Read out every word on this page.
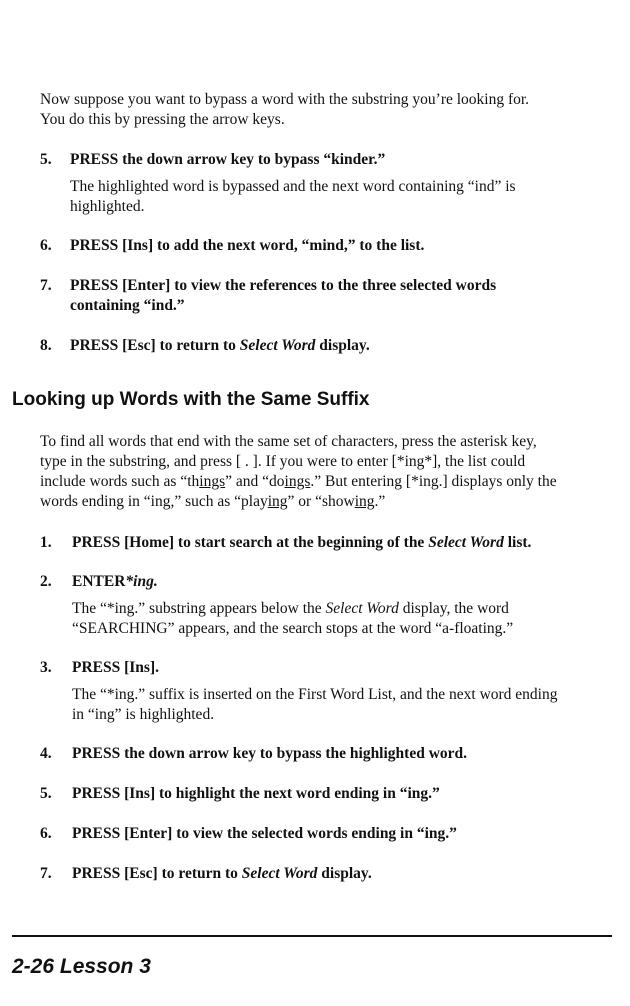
Now suppose you want to bypass a word with the substring you’re looking for.

You do this by pressing the arrow keys.

5. PRESS the down arrow key to bypass “kinder.”

The highlighted word is bypassed and the next word containing “ind” is

highlighted.

6. PRESS [Ins] to add the next word, “mind,” to the list.
7. PRESS [Enter] to view the references to the three selected words
containing “ind.”
8. PRESS [Esc] to return to Select Word display.
Looking up Words with the Same Suffix

To find all words that end with the same set of characters, press the asterisk key,

type in the substring, and press [ . ]. If you were to enter [*ing*], the list could

include words such as “things” and “doings.” But entering [*ing.] displays only the

words ending in “ing,” such as “playing” or “showing.”

1. PRESS [Home] to start search at the beginning of the Select Word list.
2. ENTER*ing.

The “*ing.” substring appears below the Select Word display, the word

“SEARCHING” appears, and the search stops at the word “a-floating.”

3. PRESS [Ins].

The “*ing.” suffix is inserted on the First Word List, and the next word ending

in “ing” is highlighted.

4. PRESS the down arrow key to bypass the highlighted word.
5. PRESS [Ins] to highlight the next word ending in “ing.”
6. PRESS [Enter] to view the selected words ending in “ing.”
7. PRESS [Esc] to return to Select Word display.
2-26 Lesson 3
